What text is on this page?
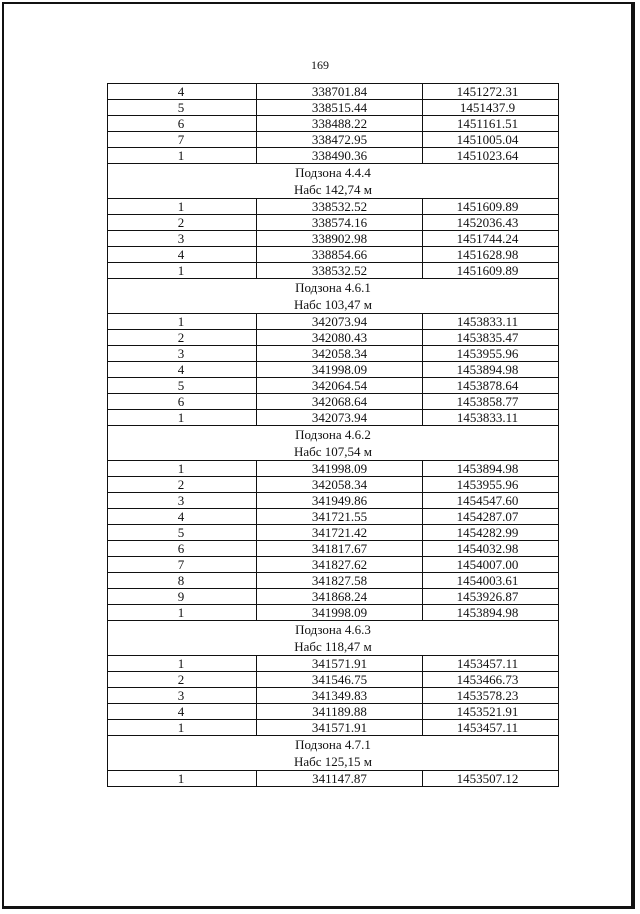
169
4	338701.84	1451272.31
5	338515.44	1451437.9
6	338488.22	1451161.51
7	338472.95	1451005.04
1	338490.36	1451023.64

Подзона 4.4.4
Набс 142,74 м		

1	338532.52	1451609.89
2	338574.16	1452036.43
3	338902.98	1451744.24
4	338854.66	1451628.98
1	338532.52	1451609.89

Подзона 4.6.1
Набс 103,47 м		

1	342073.94	1453833.11
2	342080.43	1453835.47
3	342058.34	1453955.96
4	341998.09	1453894.98
5	342064.54	1453878.64
6	342068.64	1453858.77
1	342073.94	1453833.11

Подзона 4.6.2
Набс 107,54 м		

1	341998.09	1453894.98
2	342058.34	1453955.96
3	341949.86	1454547.60
4	341721.55	1454287.07
5	341721.42	1454282.99
6	341817.67	1454032.98
7	341827.62	1454007.00
8	341827.58	1454003.61
9	341868.24	1453926.87
1	341998.09	1453894.98

Подзона 4.6.3
Набс 118,47 м		

1	341571.91	1453457.11
2	341546.75	1453466.73
3	341349.83	1453578.23
4	341189.88	1453521.91
1	341571.91	1453457.11

Подзона 4.7.1
Набс 125,15 м		

1	341147.87	1453507.12
